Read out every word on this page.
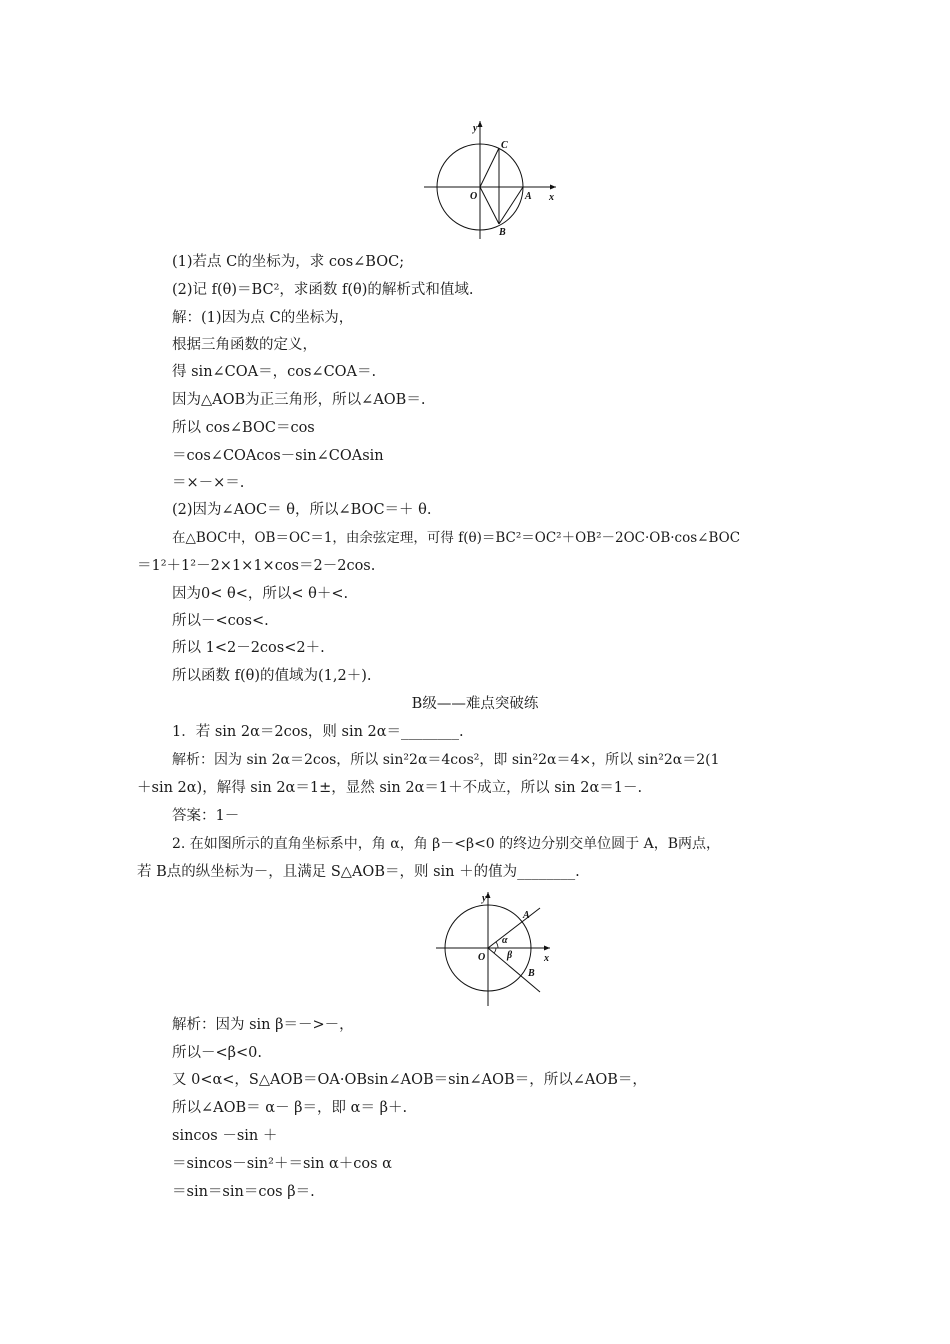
y
x
O	A
B
C
(1)若点 C的坐标为，求 cos∠BOC;
(2)记 f(θ)＝BC²，求函数 f(θ)的解析式和值域.
解：(1)因为点 C的坐标为，
根据三角函数的定义，
得 sin∠COA＝，cos∠COA＝.
因为△AOB为正三角形，所以∠AOB＝.
所以 cos∠BOC＝cos
＝cos∠COAcos－sin∠COAsin
＝×－×＝.
(2)因为∠AOC＝ θ，所以∠BOC＝＋ θ.
在△BOC中，OB＝OC＝1，由余弦定理，可得 f(θ)＝BC²＝OC²＋OB²－2OC·OB·cos∠BOC
＝1²＋1²－2×1×1×cos＝2－2cos.
因为0< θ<，所以< θ＋<.
所以－<cos<.
所以 1<2－2cos<2＋.
所以函数 f(θ)的值域为(1,2＋).
B级——难点突破练
1．若 sin 2α＝2cos，则 sin 2α＝________.
解析：因为 sin 2α＝2cos，所以 sin²2α＝4cos²，即 sin²2α＝4×，所以 sin²2α＝2(1
＋sin 2α)，解得 sin 2α＝1±，显然 sin 2α＝1＋不成立，所以 sin 2α＝1－.
答案：1－
2. 在如图所示的直角坐标系中，角 α，角 β－<β<0 的终边分别交单位圆于 A，B两点，
若 B点的纵坐标为－，且满足 S△AOB＝，则 sin ＋的值为________.
y
x
O
A
B
α
β
解析：因为 sin β＝－>－，
所以－<β<0.
又 0<α<，S△AOB＝OA·OBsin∠AOB＝sin∠AOB＝，所以∠AOB＝，
所以∠AOB＝ α－ β＝，即 α＝ β＋.
sincos －sin ＋
＝sincos－sin²＋＝sin α＋cos α
＝sin＝sin＝cos β＝.
